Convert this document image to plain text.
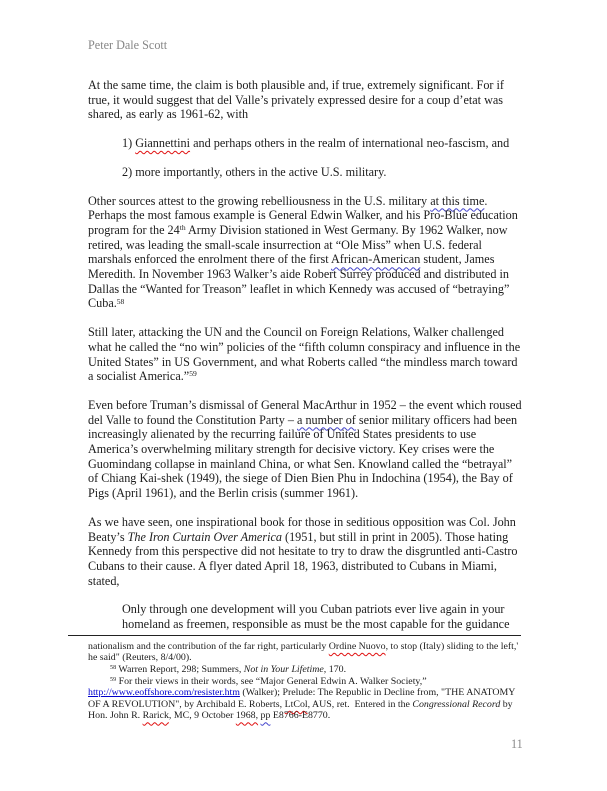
Peter Dale Scott

At the same time, the claim is both plausible and, if true, extremely significant. For if true, it would suggest that del Valle’s privately expressed desire for a coup d’etat was shared, as early as 1961-62, with

1) Giannettini and perhaps others in the realm of international neo-fascism, and

2) more importantly, others in the active U.S. military.

Other sources attest to the growing rebelliousness in the U.S. military at this time. Perhaps the most famous example is General Edwin Walker, and his Pro-Blue education program for the 24th Army Division stationed in West Germany. By 1962 Walker, now retired, was leading the small-scale insurrection at “Ole Miss” when U.S. federal marshals enforced the enrolment there of the first African-American student, James Meredith. In November 1963 Walker’s aide Robert Surrey produced and distributed in Dallas the “Wanted for Treason” leaflet in which Kennedy was accused of “betraying” Cuba.$^{58}$

Still later, attacking the UN and the Council on Foreign Relations, Walker challenged what he called the “no win” policies of the “fifth column conspiracy and influence in the United States” in US Government, and what Roberts called “the mindless march toward a socialist America.”$^{59}$

Even before Truman’s dismissal of General MacArthur in 1952 – the event which roused del Valle to found the Constitution Party – a number of senior military officers had been increasingly alienated by the recurring failure of United States presidents to use America’s overwhelming military strength for decisive victory. Key crises were the Guomindang collapse in mainland China, or what Sen. Knowland called the “betrayal” of Chiang Kai-shek (1949), the siege of Dien Bien Phu in Indochina (1954), the Bay of Pigs (April 1961), and the Berlin crisis (summer 1961).

As we have seen, one inspirational book for those in seditious opposition was Col. John Beaty’s The Iron Curtain Over America (1951, but still in print in 2005). Those hating Kennedy from this perspective did not hesitate to try to draw the disgruntled anti-Castro Cubans to their cause. A flyer dated April 18, 1963, distributed to Cubans in Miami, stated,

Only through one development will you Cuban patriots ever live again in your homeland as freemen, responsible as must be the most capable for the guidance

nationalism and the contribution of the far right, particularly Ordine Nuovo, to stop (Italy) sliding to the left,' he said" (Reuters, 8/4/00).

$^{58}$ Warren Report, 298; Summers, Not in Your Lifetime, 170.

$^{59}$ For their views in their words, see “Major General Edwin A. Walker Society,” http://www.eoffshore.com/resister.htm (Walker); Prelude: The Republic in Decline from, "THE ANATOMY OF A REVOLUTION", by Archibald E. Roberts, LtCol, AUS, ret.  Entered in the Congressional Record by Hon. John R. Rarick, MC, 9 October 1968, pp E8766-E8770.

11
